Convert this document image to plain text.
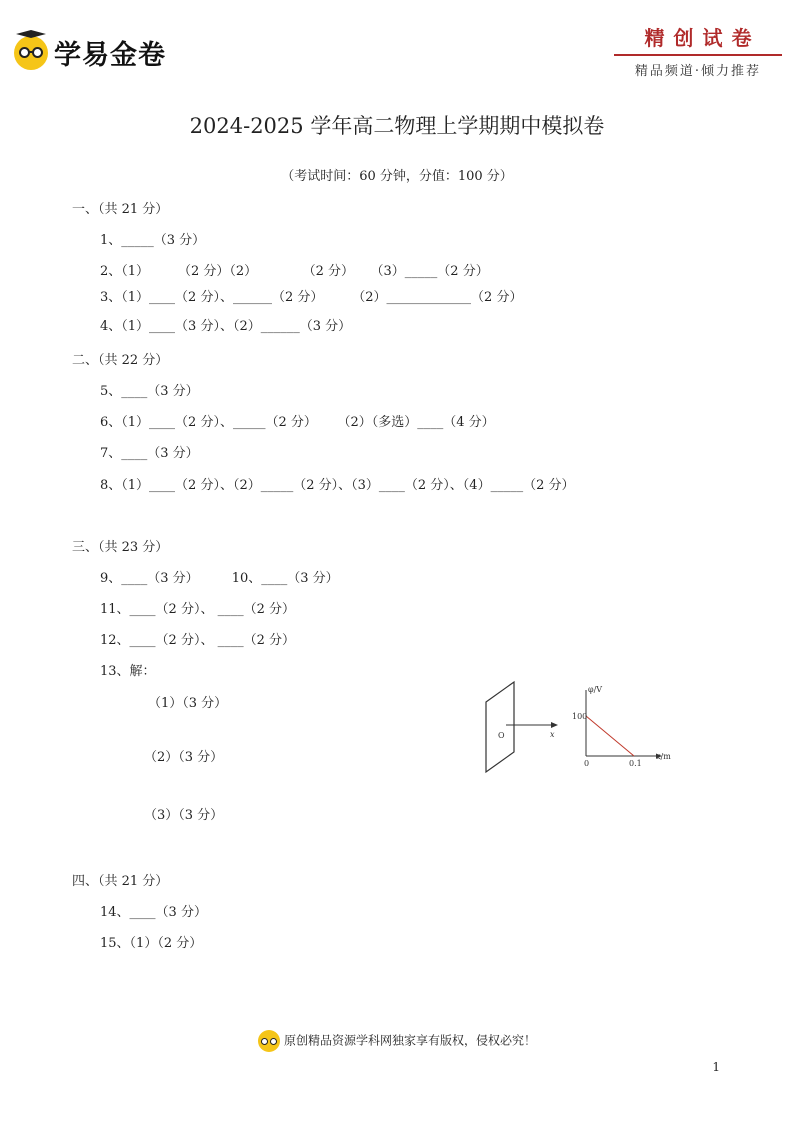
学易金卷
精创试卷
精品频道·倾力推荐
2024-2025 学年高二物理上学期期中模拟卷
（考试时间：60 分钟，分值：100 分）
一、（共 21 分）
1、_____（3 分）
2、（1）       （2 分）（2）           （2 分）    （3）_____（2 分）
3、（1）____（2 分）、______（2 分）       （2）_____________（2 分）
4、（1）____（3 分）、（2）______（3 分）
二、（共 22 分）
5、____（3 分）
6、（1）____（2 分）、_____（2 分）     （2）（多选）____（4 分）
7、____（3 分）
8、（1）____（2 分）、（2）_____（2 分）、（3）____（2 分）、（4）_____（2 分）
三、（共 23 分）
9、____（3 分）        10、____（3 分）
11、____（2 分）、 ____（2 分）
12、____（2 分）、 ____（2 分）
13、解：
（1）（3 分）
（2）（3 分）
（3）（3 分）
四、（共 21 分）
14、____（3 分）
15、（1）（2 分）
O	x
φ/V
100
0	0.1
x/m
原创精品资源学科网独家享有版权，侵权必究！
1
